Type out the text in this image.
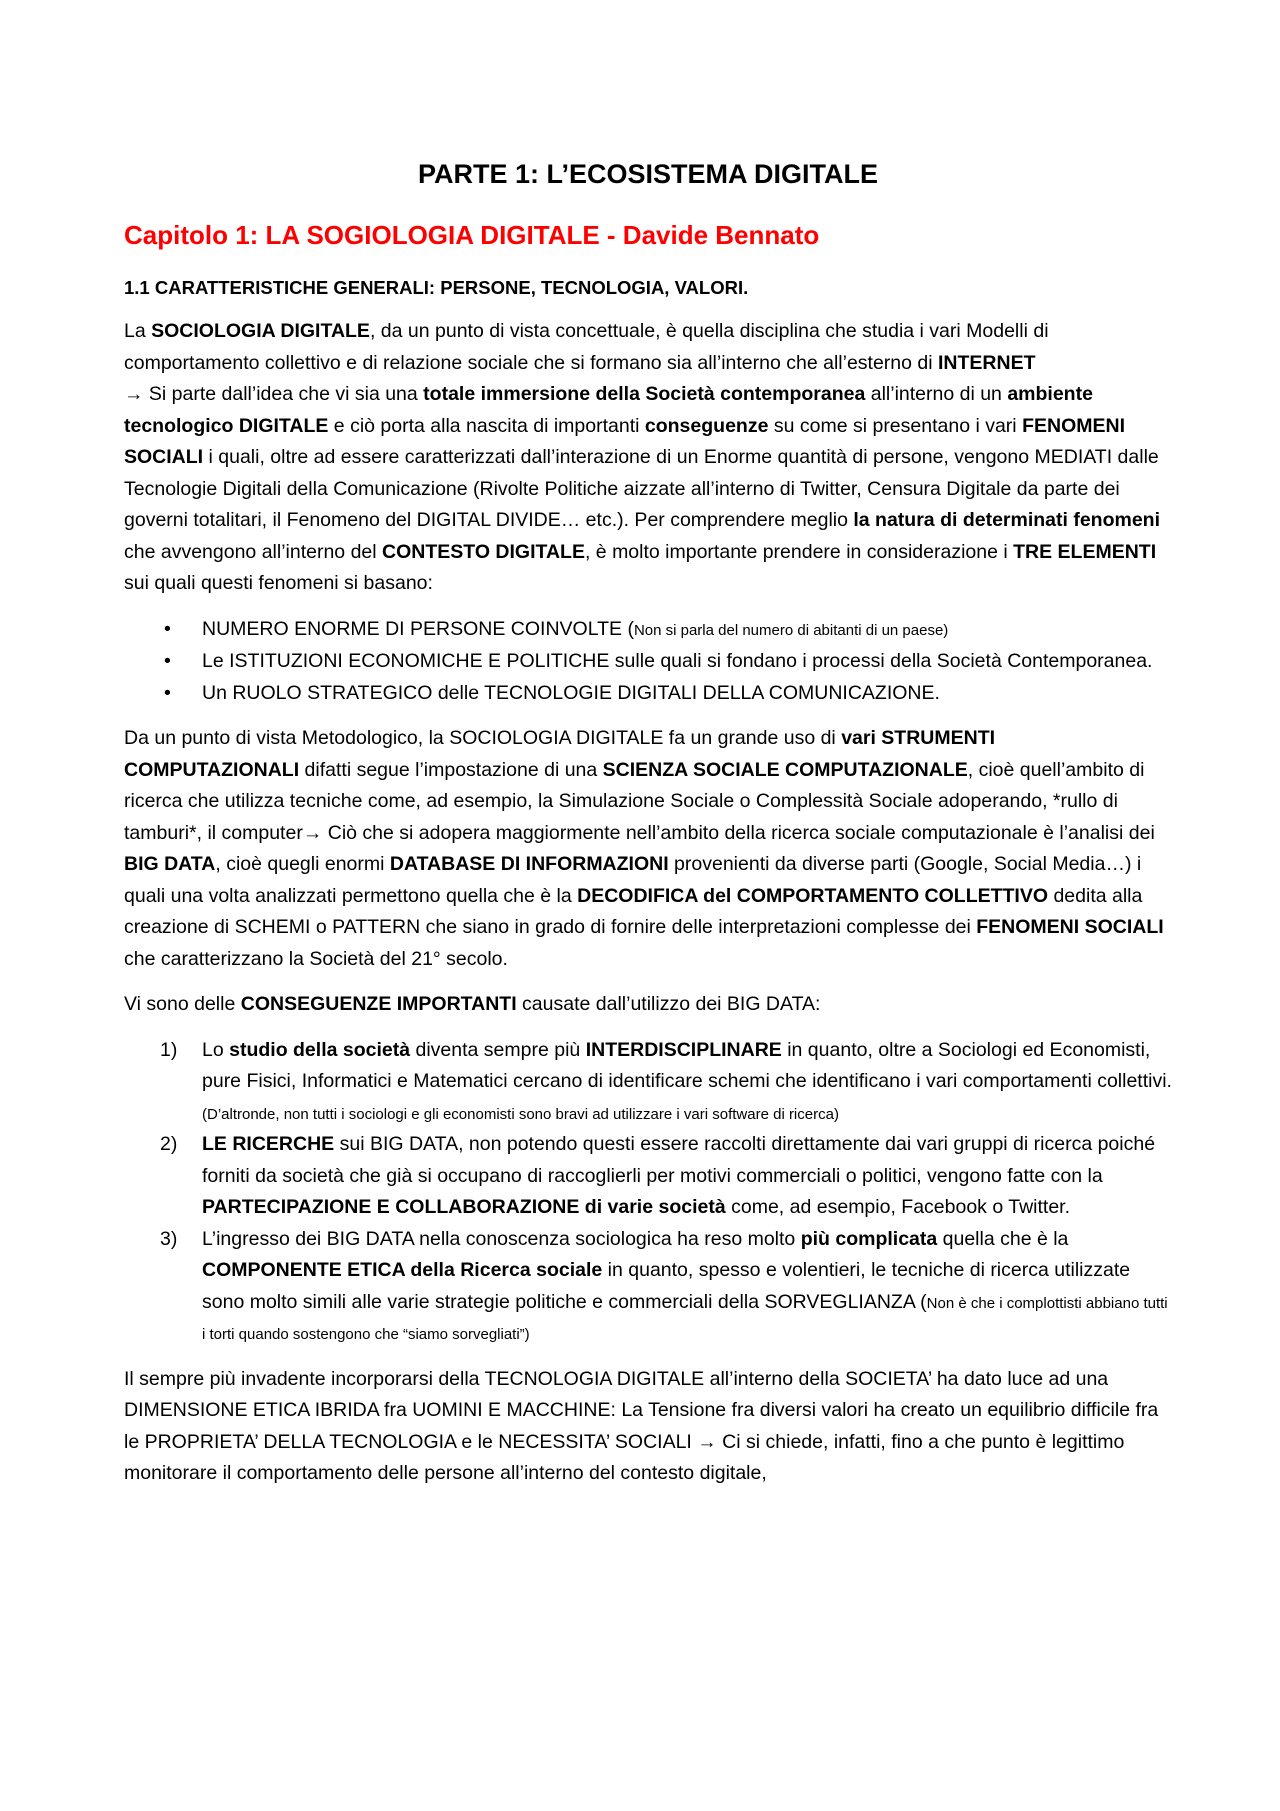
PARTE 1: L’ECOSISTEMA DIGITALE
Capitolo 1: LA SOGIOLOGIA DIGITALE - Davide Bennato
1.1 CARATTERISTICHE GENERALI: PERSONE, TECNOLOGIA, VALORI.

La SOCIOLOGIA DIGITALE, da un punto di vista concettuale, è quella disciplina che studia i vari Modelli di comportamento collettivo e di relazione sociale che si formano sia all’interno che all’esterno di INTERNET
→ Si parte dall’idea che vi sia una totale immersione della Società contemporanea all’interno di un ambiente tecnologico DIGITALE e ciò porta alla nascita di importanti conseguenze su come si presentano i vari FENOMENI SOCIALI i quali, oltre ad essere caratterizzati dall’interazione di un Enorme quantità di persone, vengono MEDIATI dalle Tecnologie Digitali della Comunicazione (Rivolte Politiche aizzate all’interno di Twitter, Censura Digitale da parte dei governi totalitari, il Fenomeno del DIGITAL DIVIDE… etc.). Per comprendere meglio la natura di determinati fenomeni che avvengono all’interno del CONTESTO DIGITALE, è molto importante prendere in considerazione i TRE ELEMENTI sui quali questi fenomeni si basano:

• NUMERO ENORME DI PERSONE COINVOLTE (Non si parla del numero di abitanti di un paese)
• Le ISTITUZIONI ECONOMICHE E POLITICHE sulle quali si fondano i processi della Società Contemporanea.
• Un RUOLO STRATEGICO delle TECNOLOGIE DIGITALI DELLA COMUNICAZIONE.

Da un punto di vista Metodologico, la SOCIOLOGIA DIGITALE fa un grande uso di vari STRUMENTI COMPUTAZIONALI difatti segue l’impostazione di una SCIENZA SOCIALE COMPUTAZIONALE, cioè quell’ambito di ricerca che utilizza tecniche come, ad esempio, la Simulazione Sociale o Complessità Sociale adoperando, *rullo di tamburi*, il computer→ Ciò che si adopera maggiormente nell’ambito della ricerca sociale computazionale è l’analisi dei BIG DATA, cioè quegli enormi DATABASE DI INFORMAZIONI provenienti da diverse parti (Google, Social Media…) i quali una volta analizzati permettono quella che è la DECODIFICA del COMPORTAMENTO COLLETTIVO dedita alla creazione di SCHEMI o PATTERN che siano in grado di fornire delle interpretazioni complesse dei FENOMENI SOCIALI che caratterizzano la Società del 21° secolo.

Vi sono delle CONSEGUENZE IMPORTANTI causate dall’utilizzo dei BIG DATA:

1) Lo studio della società diventa sempre più INTERDISCIPLINARE in quanto, oltre a Sociologi ed Economisti, pure Fisici, Informatici e Matematici cercano di identificare schemi che identificano i vari comportamenti collettivi. (D’altronde, non tutti i sociologi e gli economisti sono bravi ad utilizzare i vari software di ricerca)
2) LE RICERCHE sui BIG DATA, non potendo questi essere raccolti direttamente dai vari gruppi di ricerca poiché forniti da società che già si occupano di raccoglierli per motivi commerciali o politici, vengono fatte con la PARTECIPAZIONE E COLLABORAZIONE di varie società come, ad esempio, Facebook o Twitter.
3) L’ingresso dei BIG DATA nella conoscenza sociologica ha reso molto più complicata quella che è la COMPONENTE ETICA della Ricerca sociale in quanto, spesso e volentieri, le tecniche di ricerca utilizzate sono molto simili alle varie strategie politiche e commerciali della SORVEGLIANZA (Non è che i complottisti abbiano tutti i torti quando sostengono che “siamo sorvegliati”)

Il sempre più invadente incorporarsi della TECNOLOGIA DIGITALE all’interno della SOCIETA’ ha dato luce ad una DIMENSIONE ETICA IBRIDA fra UOMINI E MACCHINE: La Tensione fra diversi valori ha creato un equilibrio difficile fra le PROPRIETA’ DELLA TECNOLOGIA e le NECESSITA’ SOCIALI → Ci si chiede, infatti, fino a che punto è legittimo monitorare il comportamento delle persone all’interno del contesto digitale,
